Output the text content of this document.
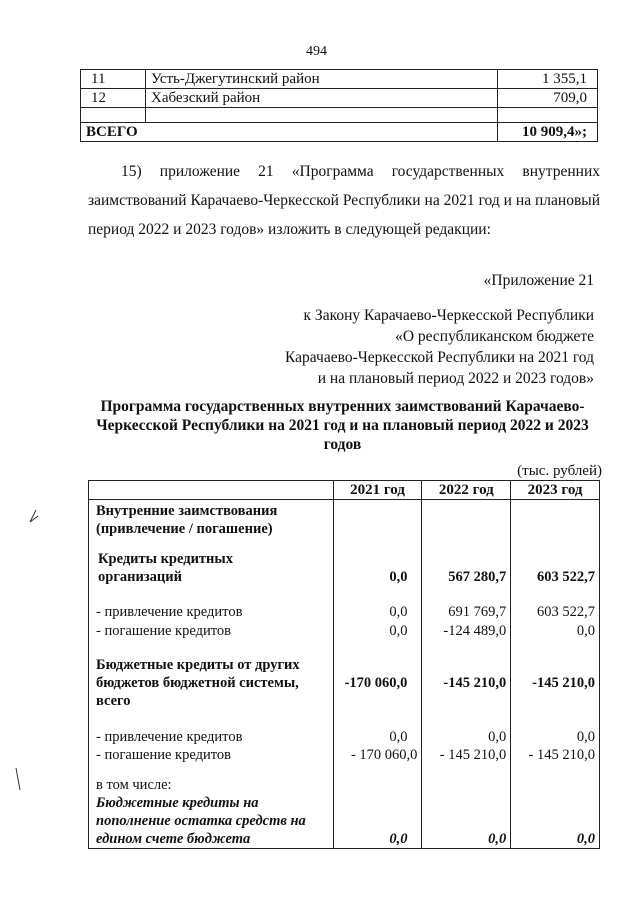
494
11	Усть-Джегутинский район	1 355,1
12	Хабезский район	709,0

ВСЕГО		10 909,4»;
15) приложение 21 «Программа государственных внутренних
заимствований Карачаево-Черкесской Республики на 2021 год и на плановый период 2022 и 2023 годов» изложить в следующей редакции:
«Приложение 21
к Закону Карачаево-Черкесской Республики
«О республиканском бюджете
Карачаево-Черкесской Республики на 2021 год
и на плановый период 2022 и 2023 годов»
Программа государственных внутренних заимствований Карачаево-Черкесской Республики на 2021 год и на плановый период 2022 и 2023 годов
(тыс. рублей)
	2021 год	2022 год	2023 год

Внутренние заимствования (привлечение / погашение)			

Кредиты кредитных организаций	0,0	567 280,7	603 522,7
- привлечение кредитов	0,0	691 769,7	603 522,7
- погашение кредитов	0,0	-124 489,0	0,0

Бюджетные кредиты от других бюджетов бюджетной системы, всего	-170 060,0	-145 210,0	-145 210,0
- привлечение кредитов	0,0	0,0	0,0
- погашение кредитов	- 170 060,0	- 145 210,0	- 145 210,0
в том числе:			

Бюджетные кредиты на пополнение остатка средств на едином счете бюджета	0,0	0,0	0,0
